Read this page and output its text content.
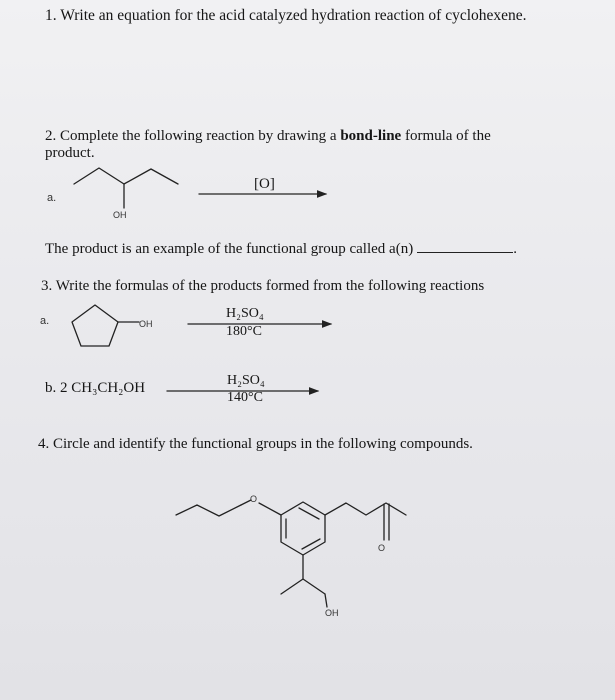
1. Write an equation for the acid catalyzed hydration reaction of cyclohexene.
2. Complete the following reaction by drawing a bond-line formula of the
product.
a.
OH
[O]
The product is an example of the functional group called a(n)	.
3. Write the formulas of the products formed from the following reactions
a.	OH
H₂SO₄
180°C
b. 2 CH₃CH₂OH	H₂SO₄
140°C
4. Circle and identify the functional groups in the following compounds.
O
O
OH
